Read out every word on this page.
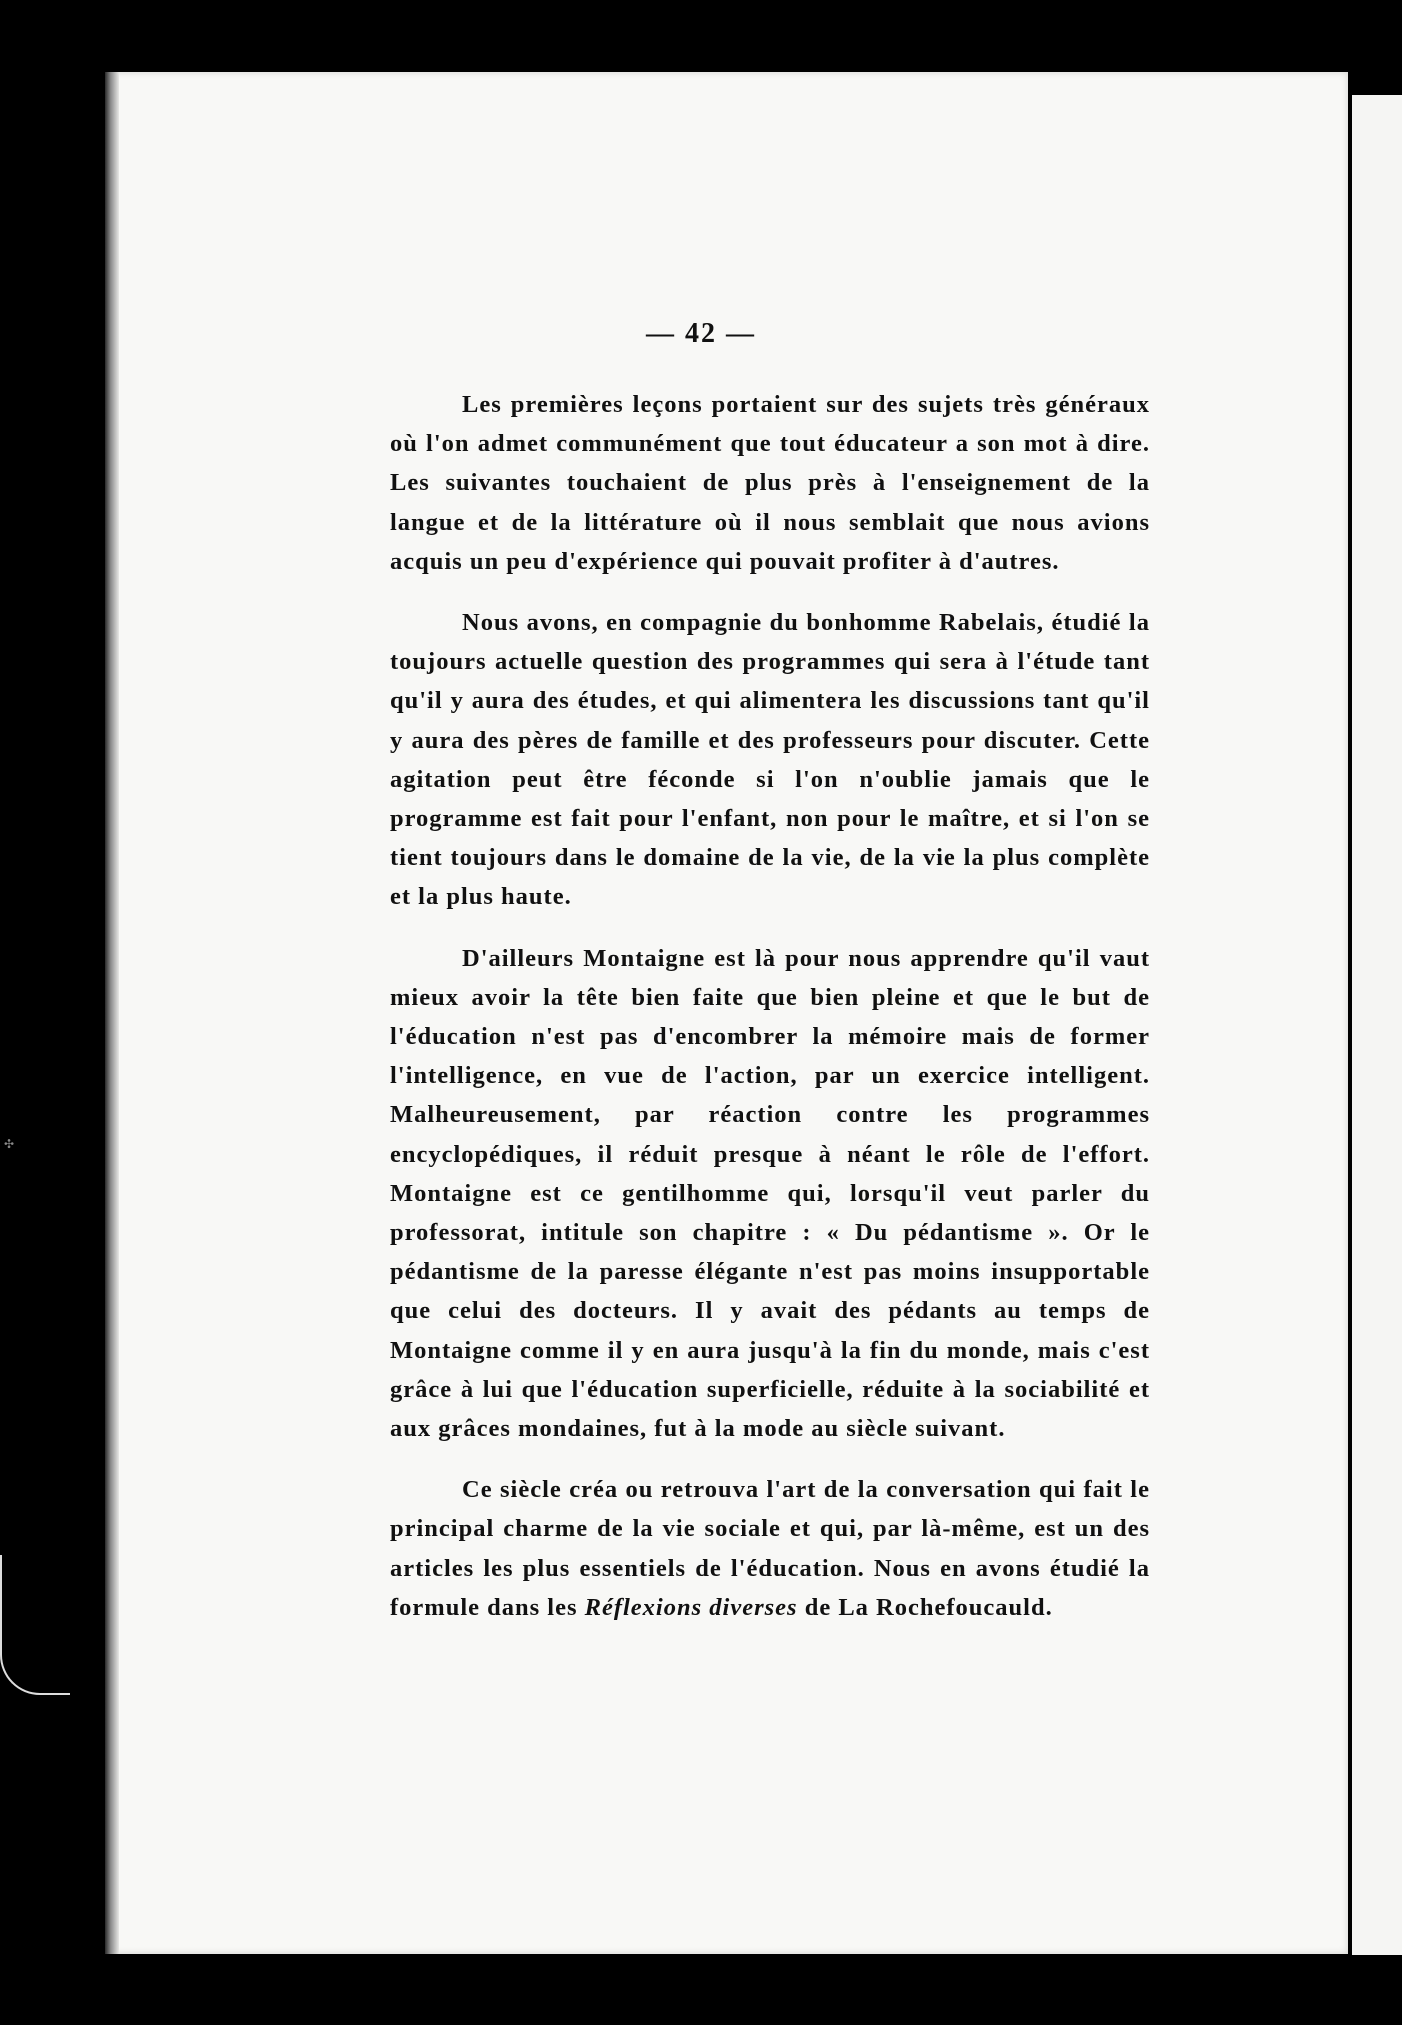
✣
— 42 —

Les premières leçons portaient sur des sujets très généraux où l'on admet communément que tout éducateur a son mot à dire. Les suivantes touchaient de plus près à l'enseignement de la langue et de la littérature où il nous semblait que nous avions acquis un peu d'expérience qui pouvait profiter à d'autres.

Nous avons, en compagnie du bonhomme Rabelais, étudié la toujours actuelle question des programmes qui sera à l'étude tant qu'il y aura des études, et qui alimentera les discussions tant qu'il y aura des pères de famille et des professeurs pour discuter. Cette agitation peut être féconde si l'on n'oublie jamais que le programme est fait pour l'enfant, non pour le maître, et si l'on se tient toujours dans le domaine de la vie, de la vie la plus complète et la plus haute.

D'ailleurs Montaigne est là pour nous apprendre qu'il vaut mieux avoir la tête bien faite que bien pleine et que le but de l'éducation n'est pas d'encombrer la mémoire mais de former l'intelligence, en vue de l'action, par un exercice intelligent. Malheureusement, par réaction contre les programmes encyclopédiques, il réduit presque à néant le rôle de l'effort. Montaigne est ce gentilhomme qui, lorsqu'il veut parler du professorat, intitule son chapitre : « Du pédantisme ». Or le pédantisme de la paresse élégante n'est pas moins insupportable que celui des docteurs. Il y avait des pédants au temps de Montaigne comme il y en aura jusqu'à la fin du monde, mais c'est grâce à lui que l'éducation superficielle, réduite à la sociabilité et aux grâces mondaines, fut à la mode au siècle suivant.

Ce siècle créa ou retrouva l'art de la conversation qui fait le principal charme de la vie sociale et qui, par là-même, est un des articles les plus essentiels de l'éducation. Nous en avons étudié la formule dans les Réflexions diverses de La Rochefoucauld.
